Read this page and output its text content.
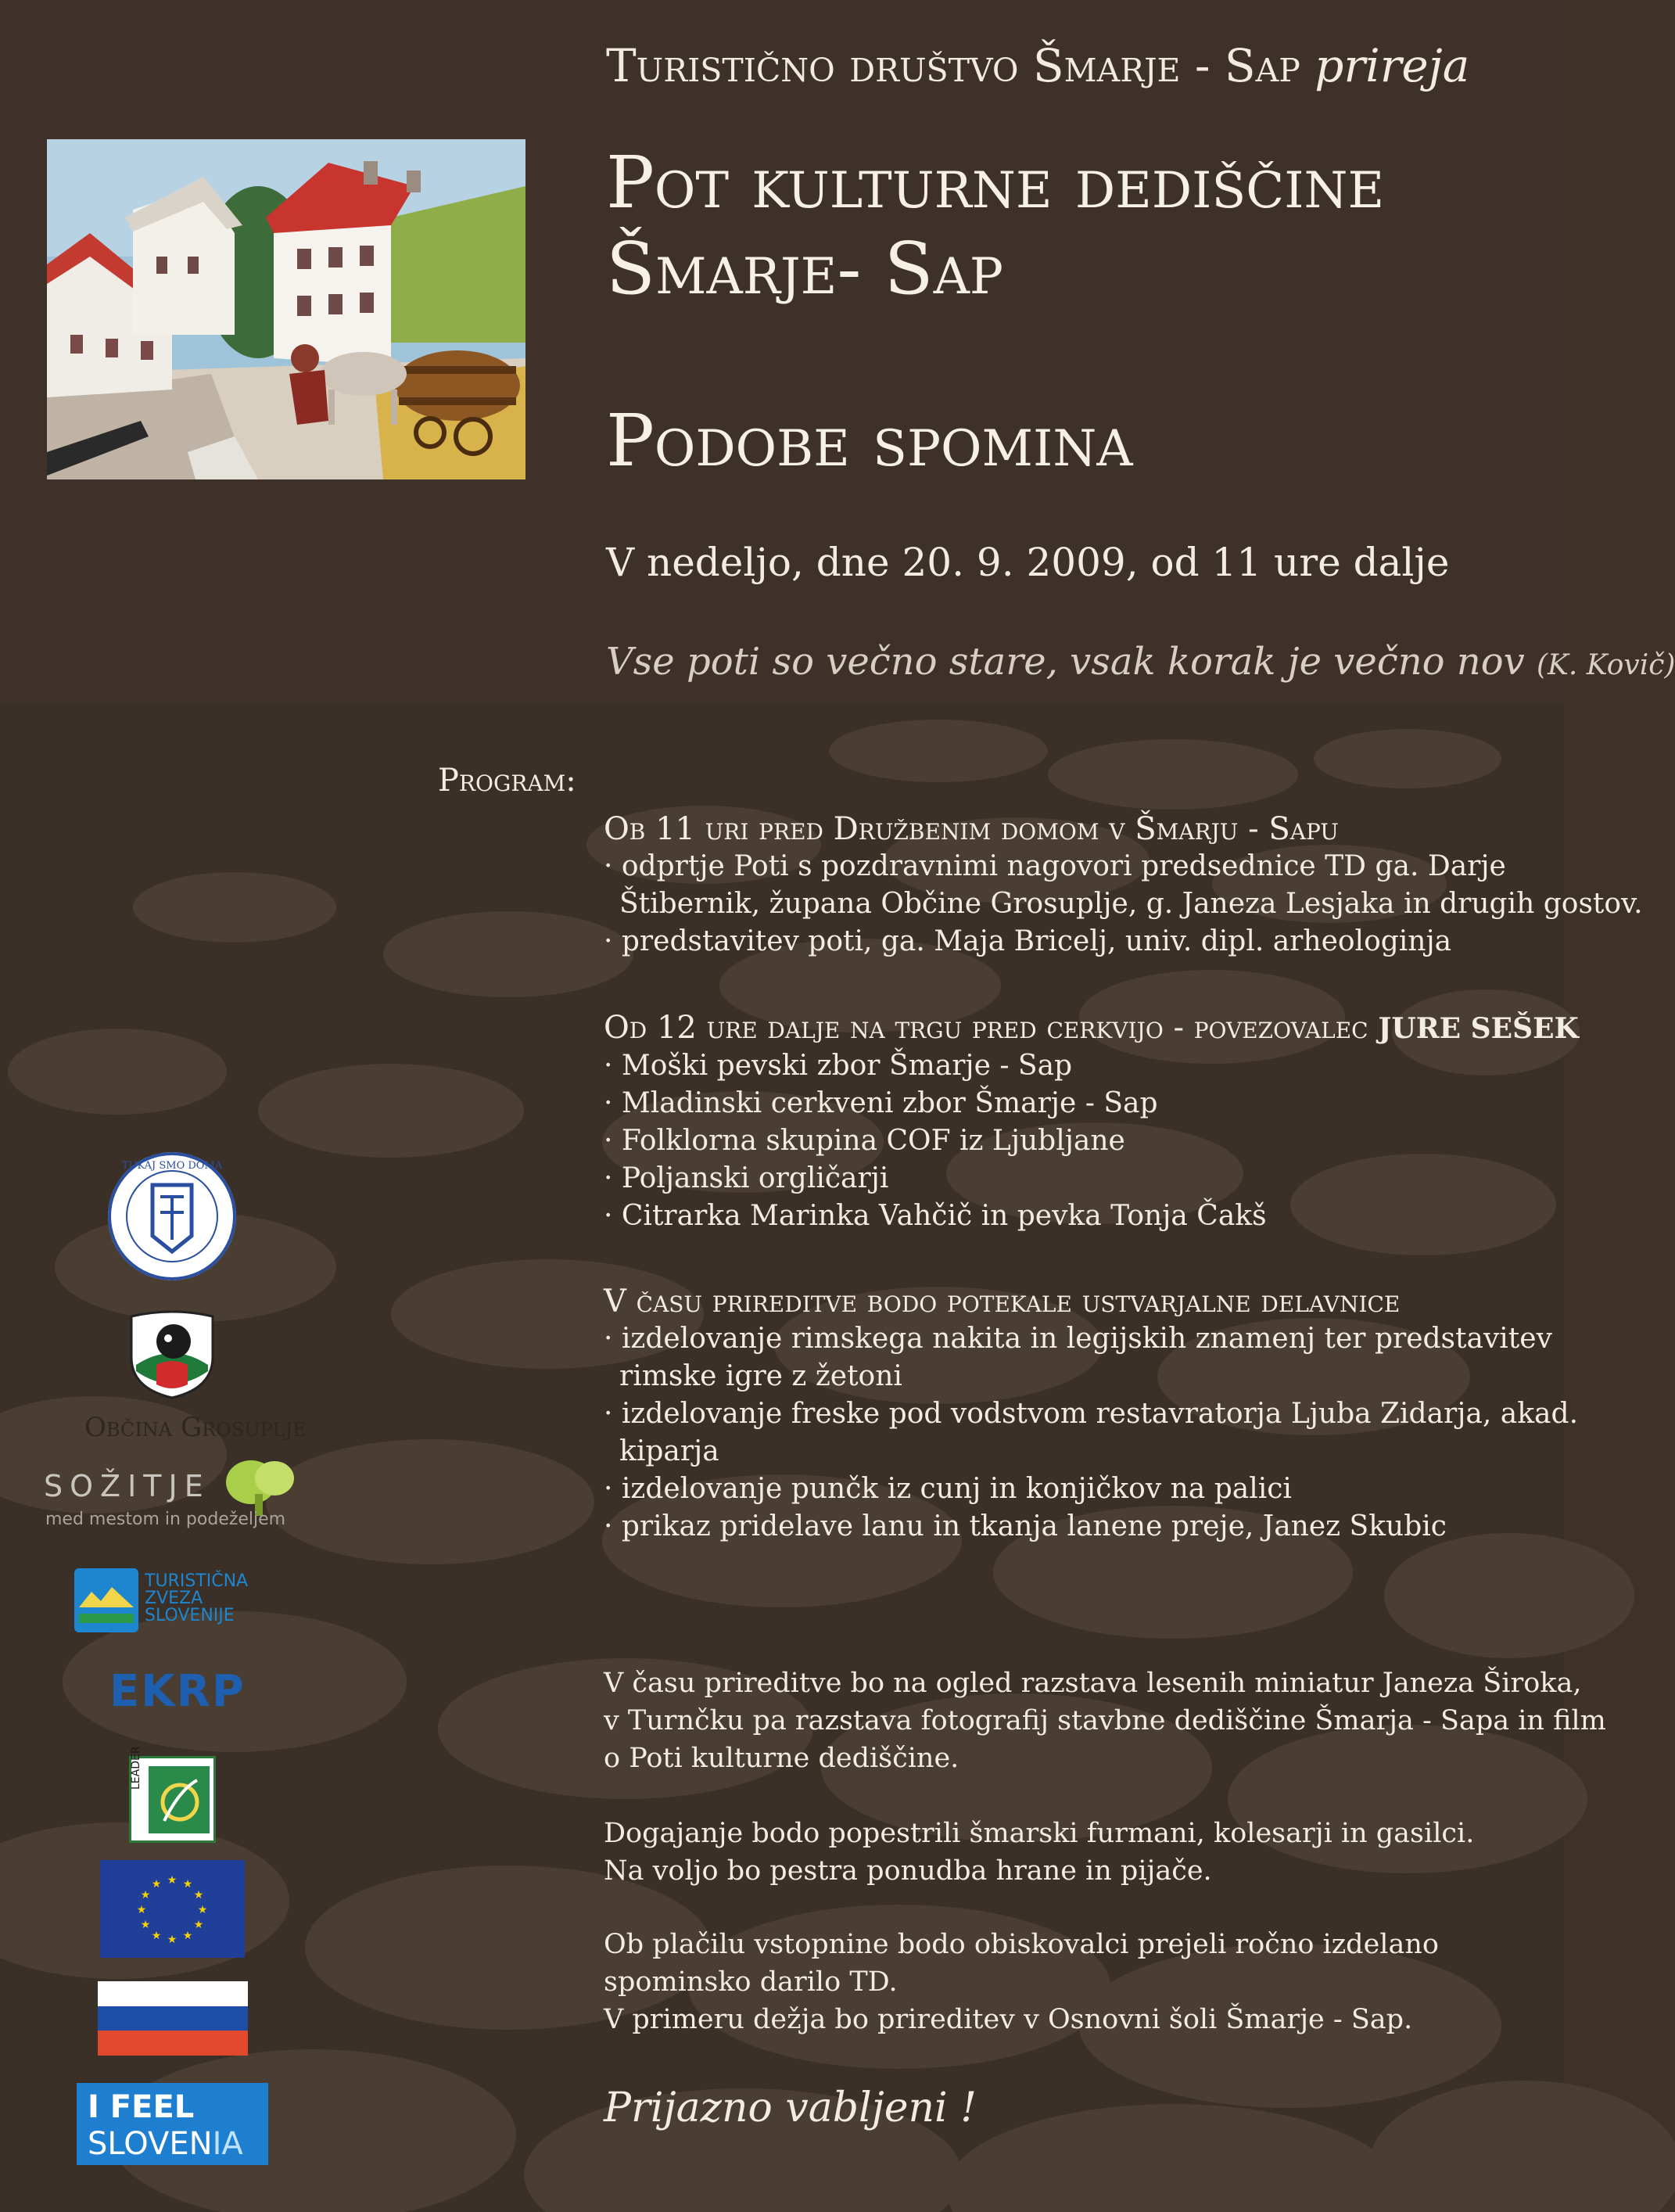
Turistično društvo Šmarje - Sap prireja
Pot kulturne dediščine
Šmarje- Sap
Podobe spomina
V nedeljo, dne 20. 9. 2009, od 11 ure dalje
Vse poti so večno stare, vsak korak je večno nov (K. Kovič)
Program:
Ob 11 uri pred Družbenim domom v Šmarju - Sapu
· odprtje Poti s pozdravnimi nagovori predsednice TD ga. Darje
Štibernik, župana Občine Grosuplje, g. Janeza Lesjaka in drugih gostov.
· predstavitev poti, ga. Maja Bricelj, univ. dipl. arheologinja
Od 12 ure dalje na trgu pred cerkvijo - povezovalec JURE SEŠEK
· Moški pevski zbor Šmarje - Sap
· Mladinski cerkveni zbor Šmarje - Sap
· Folklorna skupina COF iz Ljubljane
· Poljanski orgličarji
· Citrarka Marinka Vahčič in pevka Tonja Čakš
V času prireditve bodo potekale ustvarjalne delavnice
· izdelovanje rimskega nakita in legijskih znamenj ter predstavitev
rimske igre z žetoni
· izdelovanje freske pod vodstvom restavratorja Ljuba Zidarja, akad.
kiparja
· izdelovanje punčk iz cunj in konjičkov na palici
· prikaz pridelave lanu in tkanja lanene preje, Janez Skubic
V času prireditve bo na ogled razstava lesenih miniatur Janeza Široka,
v Turnčku pa razstava fotografij stavbne dediščine Šmarja - Sapa in film
o Poti kulturne dediščine.
Dogajanje bodo popestrili šmarski furmani, kolesarji in gasilci.
Na voljo bo pestra ponudba hrane in pijače.
Ob plačilu vstopnine bodo obiskovalci prejeli ročno izdelano
spominsko darilo TD.
V primeru dežja bo prireditev v Osnovni šoli Šmarje - Sap.
Prijazno vabljeni !
TUKAJ SMO DOMA
Občina Grosuplje
SOŽITJE
med mestom in podeželjem
TURISTIČNA
ZVEZA
SLOVENIJE
EKRP
LEADER
★ ★
★
★
★
★
★
★
★
★
★
★
I FEEL
SLOVENIA
